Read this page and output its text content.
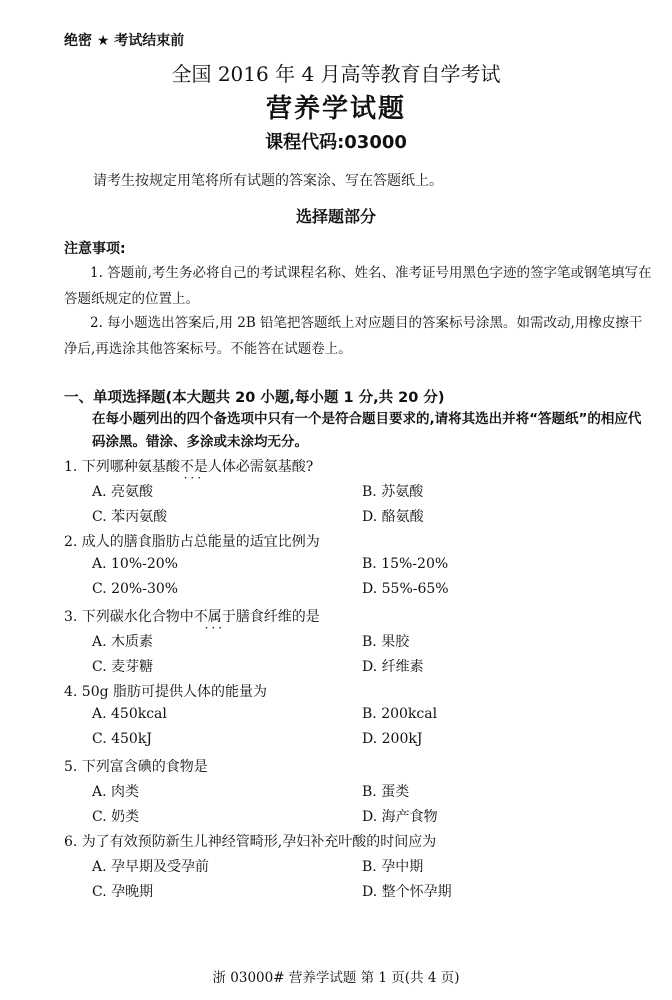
绝密 ★ 考试结束前
全国 2016 年 4 月高等教育自学考试
营养学试题
课程代码:03000
请考生按规定用笔将所有试题的答案涂、写在答题纸上。
选择题部分
注意事项:
1. 答题前,考生务必将自己的考试课程名称、姓名、准考证号用黑色字迹的签字笔或钢笔填写在答题纸规定的位置上。
2. 每小题选出答案后,用 2B 铅笔把答题纸上对应题目的答案标号涂黑。如需改动,用橡皮擦干净后,再选涂其他答案标号。不能答在试题卷上。
一、单项选择题(本大题共 20 小题,每小题 1 分,共 20 分)
在每小题列出的四个备选项中只有一个是符合题目要求的,请将其选出并将“答题纸”的相应代码涂黑。错涂、多涂或未涂均无分。
1. 下列哪种氨基酸不是 ···人体必需氨基酸?
A. 亮氨酸	B. 苏氨酸
C. 苯丙氨酸	D. 酪氨酸
2. 成人的膳食脂肪占总能量的适宜比例为
A. 10%-20%	B. 15%-20%
C. 20%-30%	D. 55%-65%
3. 下列碳水化合物中不属于 ···膳食纤维的是
A. 木质素	B. 果胶
C. 麦芽糖	D. 纤维素
4. 50g 脂肪可提供人体的能量为
A. 450kcal	B. 200kcal
C. 450kJ	D. 200kJ
5. 下列富含碘的食物是
A. 肉类	B. 蛋类
C. 奶类	D. 海产食物
6. 为了有效预防新生儿神经管畸形,孕妇补充叶酸的时间应为
A. 孕早期及受孕前	B. 孕中期
C. 孕晚期	D. 整个怀孕期
浙 03000# 营养学试题 第 1 页(共 4 页)
